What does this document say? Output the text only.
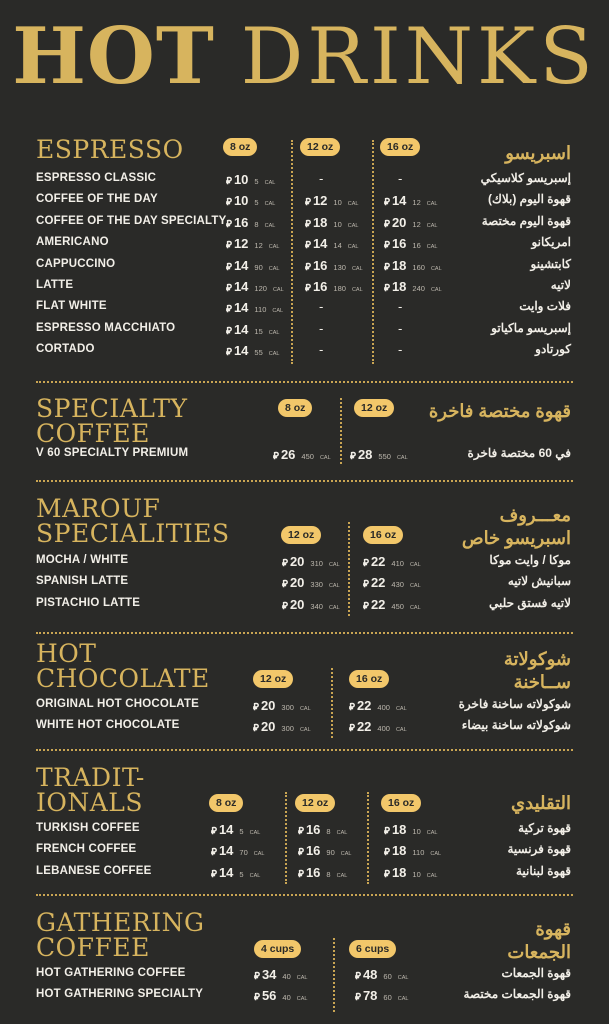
HOT DRINKS
ESPRESSO	اسبريسو
8 oz	12 oz	16 oz
ESPRESSO CLASSIC	⃁ 10 5 CAL	-	-	إسبريسو كلاسيكي
COFFEE OF THE DAY	⃁ 10 5 CAL	⃁ 12 10 CAL	⃁ 14 12 CAL	قهوة اليوم (بلاك)
COFFEE OF THE DAY SPECIALTY ⃁ 16 8 CAL	⃁ 18 10 CAL	⃁ 20 12 CAL	قهوة اليوم مختصة
AMERICANO	⃁ 12 12 CAL	⃁ 14 14 CAL	⃁ 16 16 CAL	امريكانو
CAPPUCCINO	⃁ 14 90 CAL	⃁ 16 130 CAL ⃁ 18 160 CAL	كابتشينو
LATTE	⃁ 14 120 CAL ⃁ 16 180 CAL ⃁ 18 240 CAL	لاتيه
FLAT WHITE	⃁ 14 110 CAL	-	-	فلات وايت
ESPRESSO MACCHIATO	⃁ 14 15 CAL	-	-	إسبريسو ماكياتو
CORTADO	⃁ 14 55 CAL	-	-	كورتادو
SPECIALTY
COFFEE
قهوة مختصة فاخرة
8 oz	12 oz
V 60 SPECIALTY PREMIUM	⃁ 26 450 CAL ⃁ 28 550 CAL	في 60 مختصة فاخرة
MAROUF
SPECIALITIES
معـــروف
اسبريسو خاص
12 oz	16 oz
MOCHA / WHITE	⃁ 20 310 CAL ⃁ 22 410 CAL	موكا / وايت موكا
SPANISH LATTE	⃁ 20 330 CAL ⃁ 22 430 CAL	سبانيش لاتيه
PISTACHIO LATTE	⃁ 20 340 CAL ⃁ 22 450 CAL	لاتيه فستق حلبي
HOT
CHOCOLATE
شوكولاتة
ســاخنة
12 oz	16 oz
ORIGINAL HOT CHOCOLATE	⃁ 20 300 CAL	⃁ 22 400 CAL	شوكولاته ساخنة فاخرة
WHITE HOT CHOCOLATE	⃁ 20 300 CAL	⃁ 22 400 CAL	شوكولاته ساخنة بيضاء
TRADIT-
IONALS	التقليدي
8 oz	12 oz	16 oz
TURKISH COFFEE	⃁ 14 5 CAL	⃁ 16 8 CAL	⃁ 18 10 CAL	قهوة تركية
FRENCH COFFEE	⃁ 14 70 CAL	⃁ 16 90 CAL	⃁ 18 110 CAL	قهوة فرنسية
LEBANESE COFFEE	⃁ 14 5 CAL	⃁ 16 8 CAL	⃁ 18 10 CAL	قهوة لبنانية
GATHERING
COFFEE
قهوة
الجمعات
4 cups	6 cups
HOT GATHERING COFFEE	⃁ 34 40 CAL	⃁ 48 60 CAL	قهوة الجمعات
HOT GATHERING SPECIALTY	⃁ 56 40 CAL	⃁ 78 60 CAL	قهوة الجمعات مختصة
